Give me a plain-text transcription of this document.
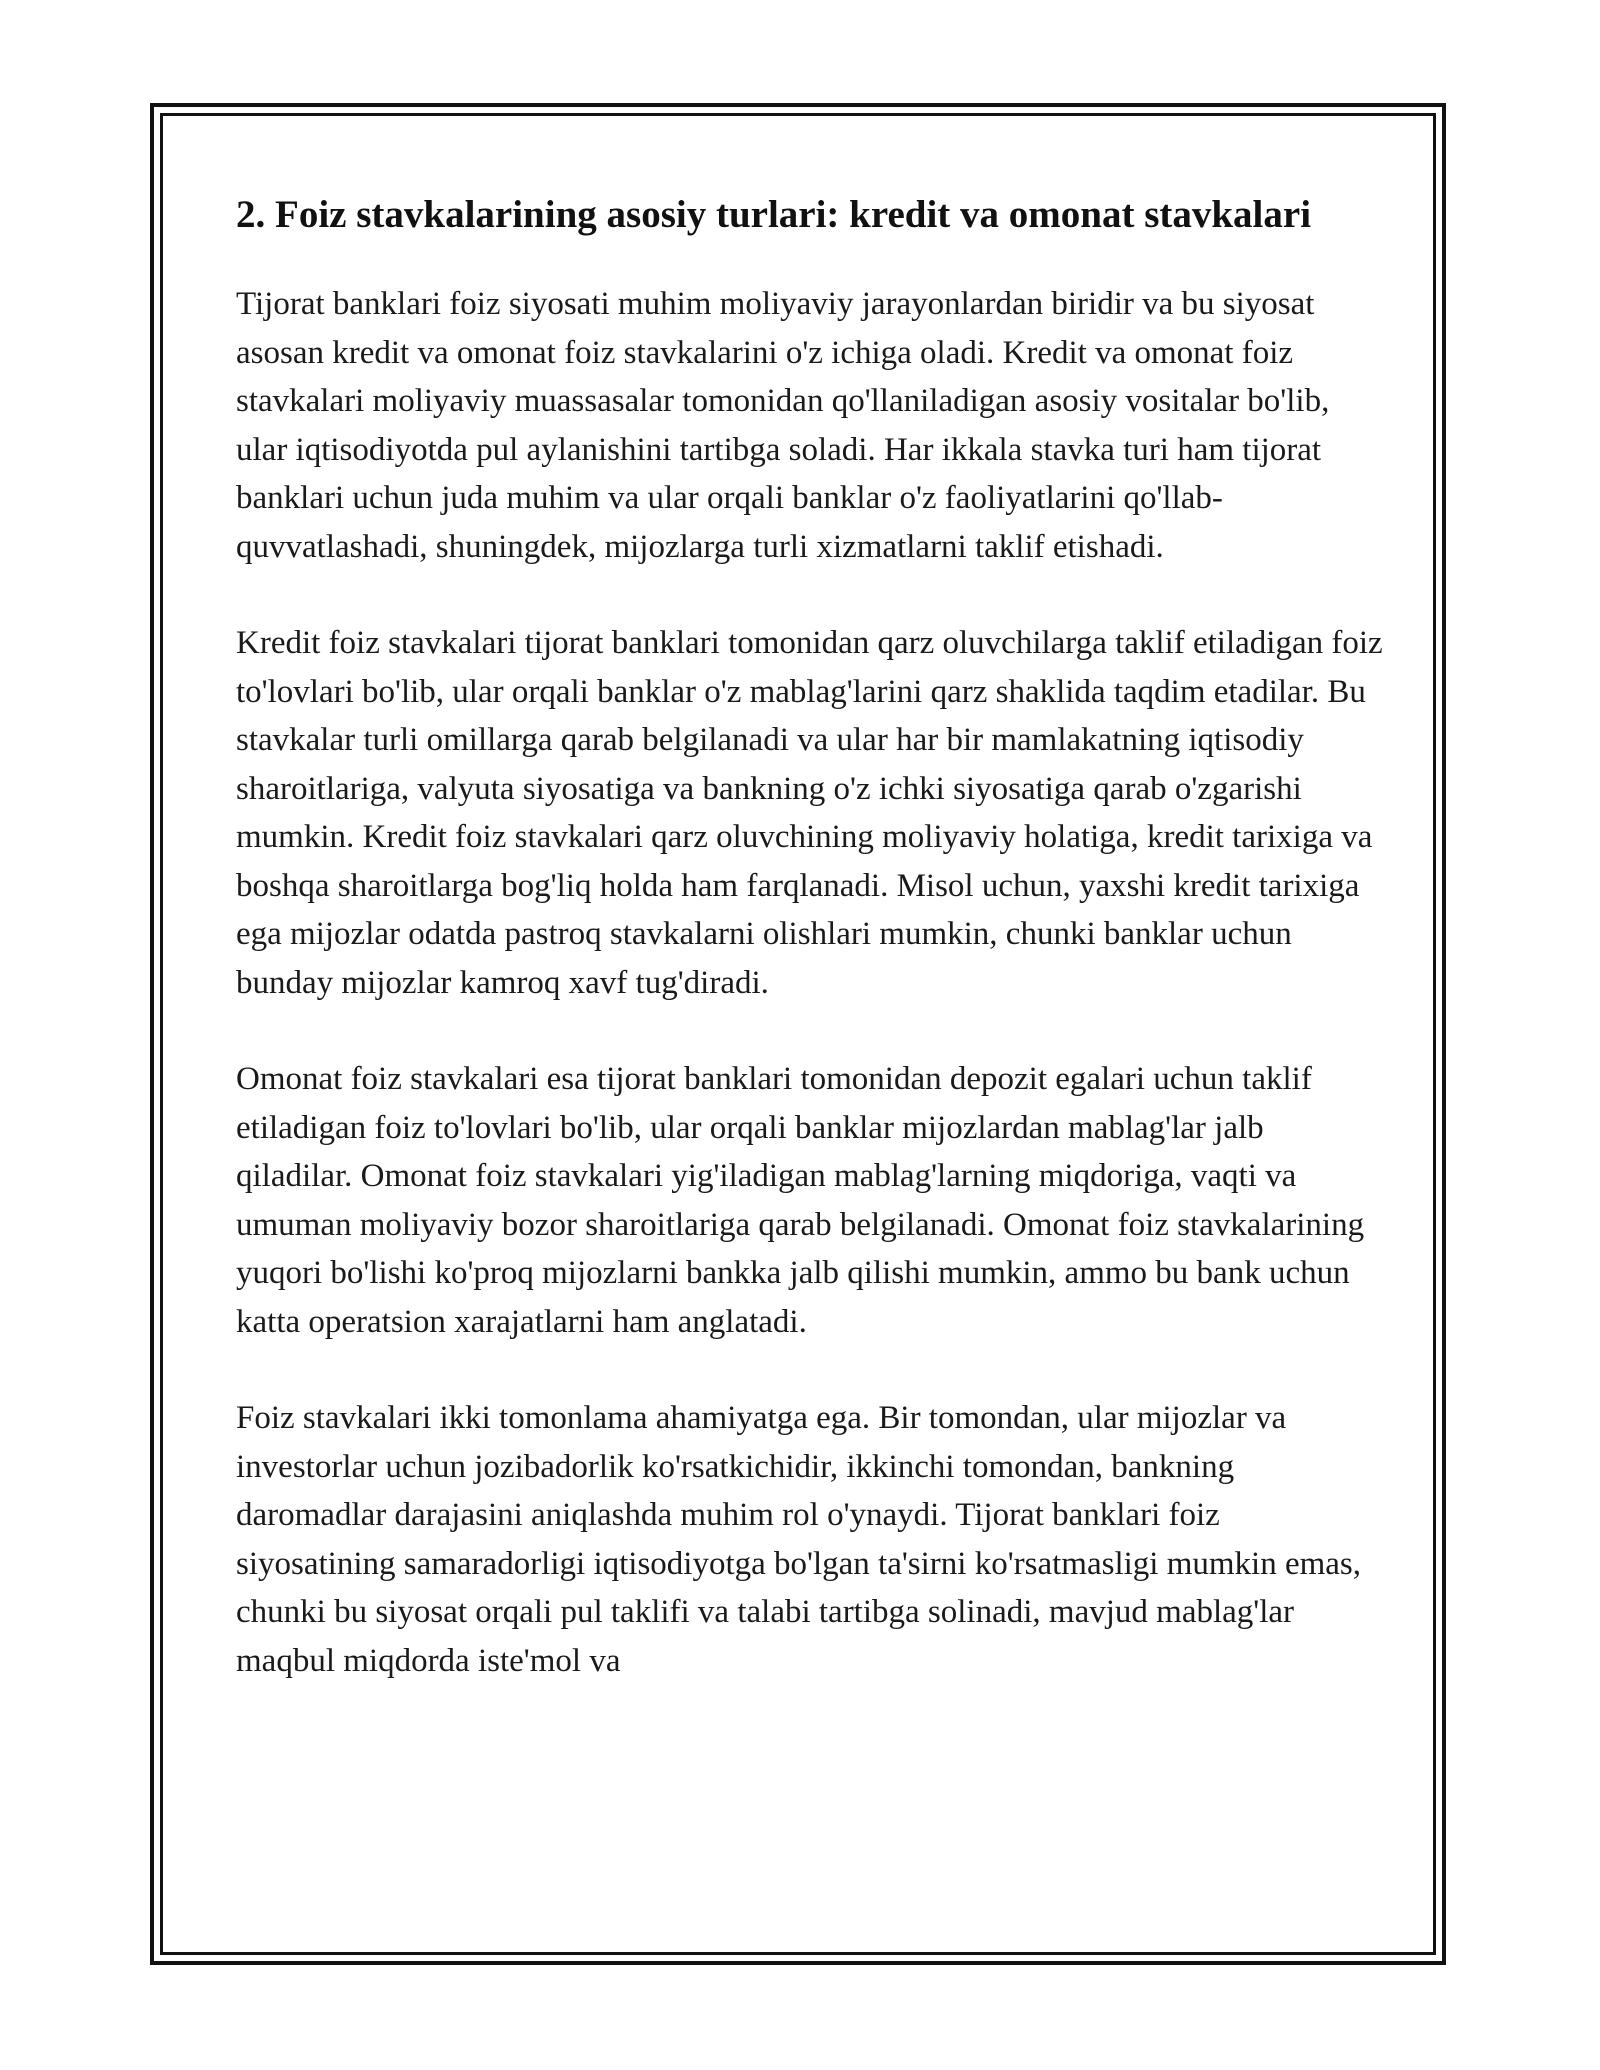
2. Foiz stavkalarining asosiy turlari: kredit va omonat stavkalari

Tijorat banklari foiz siyosati muhim moliyaviy jarayonlardan biridir va bu siyosat asosan kredit va omonat foiz stavkalarini o'z ichiga oladi. Kredit va omonat foiz stavkalari moliyaviy muassasalar tomonidan qo'llaniladigan asosiy vositalar bo'lib, ular iqtisodiyotda pul aylanishini tartibga soladi. Har ikkala stavka turi ham tijorat banklari uchun juda muhim va ular orqali banklar o'z faoliyatlarini qo'llab-quvvatlashadi, shuningdek, mijozlarga turli xizmatlarni taklif etishadi.

Kredit foiz stavkalari tijorat banklari tomonidan qarz oluvchilarga taklif etiladigan foiz to'lovlari bo'lib, ular orqali banklar o'z mablag'larini qarz shaklida taqdim etadilar. Bu stavkalar turli omillarga qarab belgilanadi va ular har bir mamlakatning iqtisodiy sharoitlariga, valyuta siyosatiga va bankning o'z ichki siyosatiga qarab o'zgarishi mumkin. Kredit foiz stavkalari qarz oluvchining moliyaviy holatiga, kredit tarixiga va boshqa sharoitlarga bog'liq holda ham farqlanadi. Misol uchun, yaxshi kredit tarixiga ega mijozlar odatda pastroq stavkalarni olishlari mumkin, chunki banklar uchun bunday mijozlar kamroq xavf tug'diradi.

Omonat foiz stavkalari esa tijorat banklari tomonidan depozit egalari uchun taklif etiladigan foiz to'lovlari bo'lib, ular orqali banklar mijozlardan mablag'lar jalb qiladilar. Omonat foiz stavkalari yig'iladigan mablag'larning miqdoriga, vaqti va umuman moliyaviy bozor sharoitlariga qarab belgilanadi. Omonat foiz stavkalarining yuqori bo'lishi ko'proq mijozlarni bankka jalb qilishi mumkin, ammo bu bank uchun katta operatsion xarajatlarni ham anglatadi.

Foiz stavkalari ikki tomonlama ahamiyatga ega. Bir tomondan, ular mijozlar va investorlar uchun jozibadorlik ko'rsatkichidir, ikkinchi tomondan, bankning daromadlar darajasini aniqlashda muhim rol o'ynaydi. Tijorat banklari foiz siyosatining samaradorligi iqtisodiyotga bo'lgan ta'sirni ko'rsatmasligi mumkin emas, chunki bu siyosat orqali pul taklifi va talabi tartibga solinadi, mavjud mablag'lar maqbul miqdorda iste'mol va
